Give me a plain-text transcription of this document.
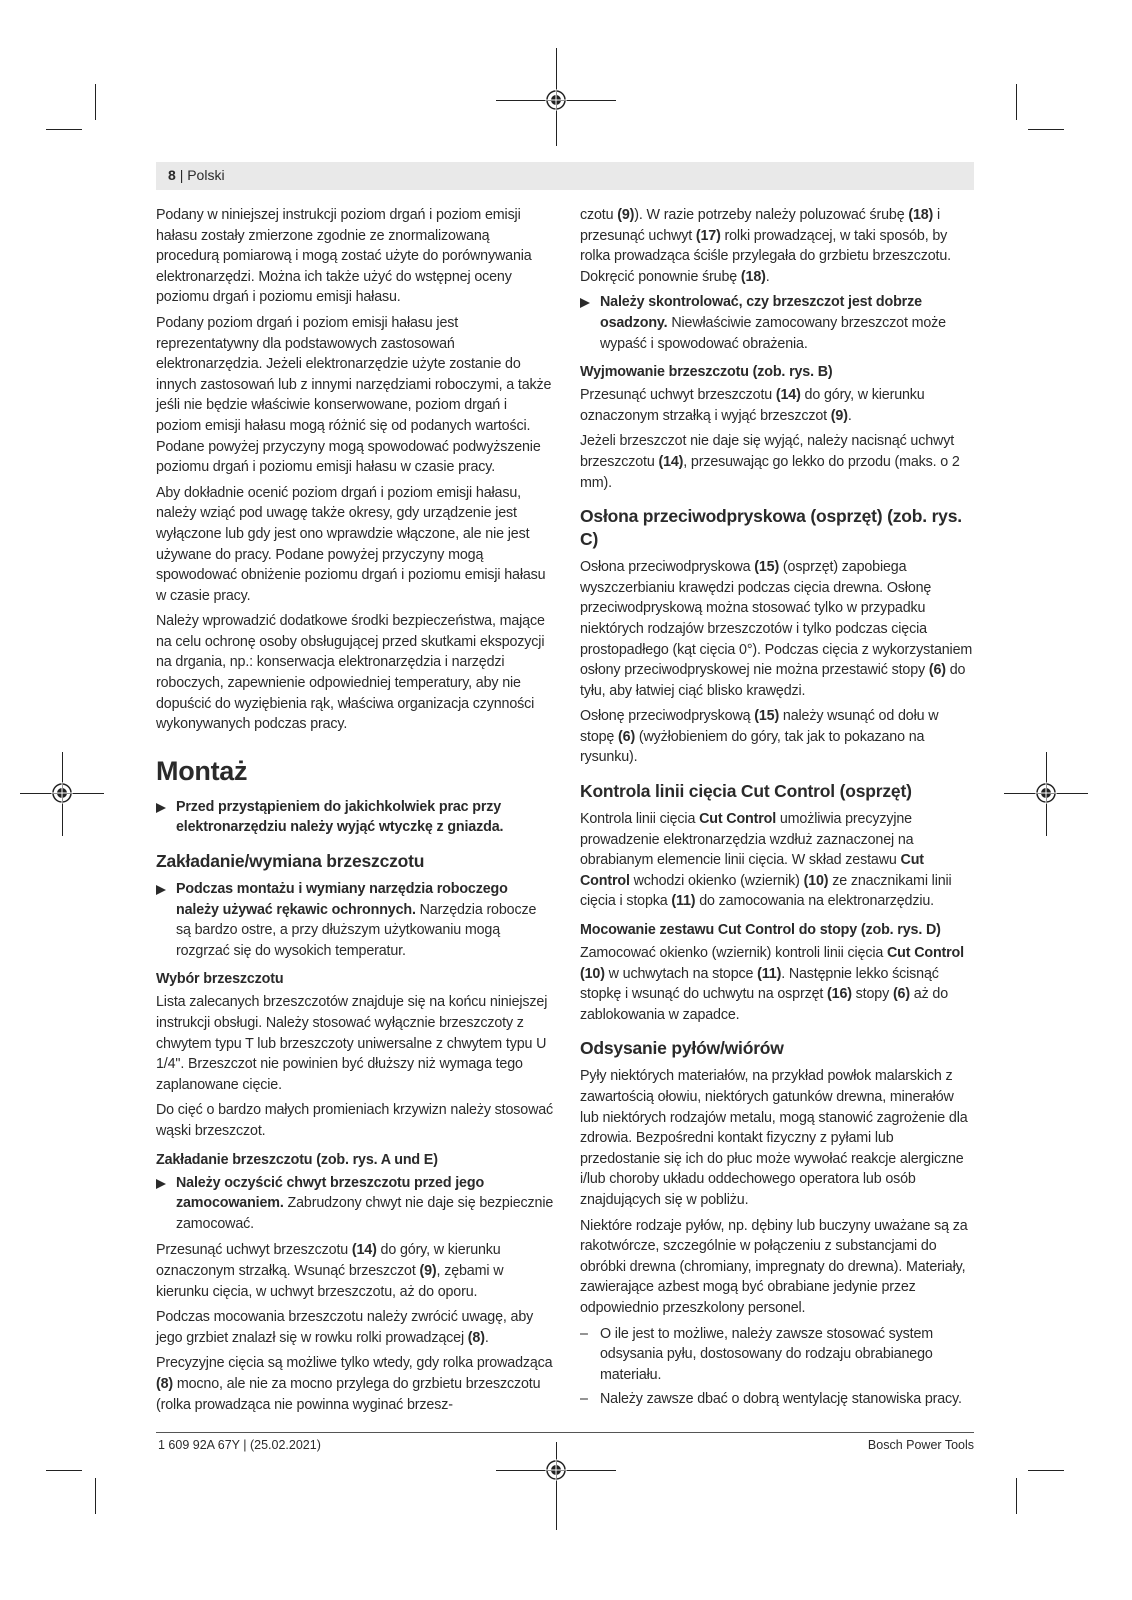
8 | Polski

Podany w niniejszej instrukcji poziom drgań i poziom emisji hałasu zostały zmierzone zgodnie ze znormalizowaną procedurą pomiarową i mogą zostać użyte do porównywania elektronarzędzi. Można ich także użyć do wstępnej oceny poziomu drgań i poziomu emisji hałasu.

Podany poziom drgań i poziom emisji hałasu jest reprezentatywny dla podstawowych zastosowań elektronarzędzia. Jeżeli elektronarzędzie użyte zostanie do innych zastosowań lub z innymi narzędziami roboczymi, a także jeśli nie będzie właściwie konserwowane, poziom drgań i poziom emisji hałasu mogą różnić się od podanych wartości. Podane powyżej przyczyny mogą spowodować podwyższenie poziomu drgań i poziomu emisji hałasu w czasie pracy.

Aby dokładnie ocenić poziom drgań i poziom emisji hałasu, należy wziąć pod uwagę także okresy, gdy urządzenie jest wyłączone lub gdy jest ono wprawdzie włączone, ale nie jest używane do pracy. Podane powyżej przyczyny mogą spowodować obniżenie poziomu drgań i poziomu emisji hałasu w czasie pracy.

Należy wprowadzić dodatkowe środki bezpieczeństwa, mające na celu ochronę osoby obsługującej przed skutkami ekspozycji na drgania, np.: konserwacja elektronarzędzia i narzędzi roboczych, zapewnienie odpowiedniej temperatury, aby nie dopuścić do wyziębienia rąk, właściwa organizacja czynności wykonywanych podczas pracy.

Montaż
Przed przystąpieniem do jakichkolwiek prac przy elektronarzędziu należy wyjąć wtyczkę z gniazda.
Zakładanie/wymiana brzeszczotu
Podczas montażu i wymiany narzędzia roboczego należy używać rękawic ochronnych. Narzędzia robocze są bardzo ostre, a przy dłuższym użytkowaniu mogą rozgrzać się do wysokich temperatur.
Wybór brzeszczotu

Lista zalecanych brzeszczotów znajduje się na końcu niniejszej instrukcji obsługi. Należy stosować wyłącznie brzeszczoty z chwytem typu T lub brzeszczoty uniwersalne z chwytem typu U 1/4". Brzeszczot nie powinien być dłuższy niż wymaga tego zaplanowane cięcie.

Do cięć o bardzo małych promieniach krzywizn należy stosować wąski brzeszczot.

Zakładanie brzeszczotu (zob. rys. A und E)
Należy oczyścić chwyt brzeszczotu przed jego zamocowaniem. Zabrudzony chwyt nie daje się bezpiecznie zamocować.

Przesunąć uchwyt brzeszczotu (14) do góry, w kierunku oznaczonym strzałką. Wsunąć brzeszczot (9), zębami w kierunku cięcia, w uchwyt brzeszczotu, aż do oporu.

Podczas mocowania brzeszczotu należy zwrócić uwagę, aby jego grzbiet znalazł się w rowku rolki prowadzącej (8).

Precyzyjne cięcia są możliwe tylko wtedy, gdy rolka prowadząca (8) mocno, ale nie za mocno przylega do grzbietu brzeszczotu (rolka prowadząca nie powinna wyginać brzesz-

czotu (9)). W razie potrzeby należy poluzować śrubę (18) i przesunąć uchwyt (17) rolki prowadzącej, w taki sposób, by rolka prowadząca ściśle przylegała do grzbietu brzeszczotu. Dokręcić ponownie śrubę (18).

Należy skontrolować, czy brzeszczot jest dobrze osadzony. Niewłaściwie zamocowany brzeszczot może wypaść i spowodować obrażenia.
Wyjmowanie brzeszczotu (zob. rys. B)

Przesunąć uchwyt brzeszczotu (14) do góry, w kierunku oznaczonym strzałką i wyjąć brzeszczot (9).

Jeżeli brzeszczot nie daje się wyjąć, należy nacisnąć uchwyt brzeszczotu (14), przesuwając go lekko do przodu (maks. o 2 mm).

Osłona przeciwodpryskowa (osprzęt) (zob. rys. C)

Osłona przeciwodpryskowa (15) (osprzęt) zapobiega wyszczerbianiu krawędzi podczas cięcia drewna. Osłonę przeciwodpryskową można stosować tylko w przypadku niektórych rodzajów brzeszczotów i tylko podczas cięcia prostopadłego (kąt cięcia 0°). Podczas cięcia z wykorzystaniem osłony przeciwodpryskowej nie można przestawić stopy (6) do tyłu, aby łatwiej ciąć blisko krawędzi.

Osłonę przeciwodpryskową (15) należy wsunąć od dołu w stopę (6) (wyżłobieniem do góry, tak jak to pokazano na rysunku).

Kontrola linii cięcia Cut Control (osprzęt)

Kontrola linii cięcia Cut Control umożliwia precyzyjne prowadzenie elektronarzędzia wzdłuż zaznaczonej na obrabianym elemencie linii cięcia. W skład zestawu Cut Control wchodzi okienko (wziernik) (10) ze znacznikami linii cięcia i stopka (11) do zamocowania na elektronarzędziu.

Mocowanie zestawu Cut Control do stopy (zob. rys. D)

Zamocować okienko (wziernik) kontroli linii cięcia Cut Control (10) w uchwytach na stopce (11). Następnie lekko ścisnąć stopkę i wsunąć do uchwytu na osprzęt (16) stopy (6) aż do zablokowania w zapadce.

Odsysanie pyłów/wiórów

Pyły niektórych materiałów, na przykład powłok malarskich z zawartością ołowiu, niektórych gatunków drewna, minerałów lub niektórych rodzajów metalu, mogą stanowić zagrożenie dla zdrowia. Bezpośredni kontakt fizyczny z pyłami lub przedostanie się ich do płuc może wywołać reakcje alergiczne i/lub choroby układu oddechowego operatora lub osób znajdujących się w pobliżu.

Niektóre rodzaje pyłów, np. dębiny lub buczyny uważane są za rakotwórcze, szczególnie w połączeniu z substancjami do obróbki drewna (chromiany, impregnaty do drewna). Materiały, zawierające azbest mogą być obrabiane jedynie przez odpowiednio przeszkolony personel.

– O ile jest to możliwe, należy zawsze stosować system odsysania pyłu, dostosowany do rodzaju obrabianego materiału.
– Należy zawsze dbać o dobrą wentylację stanowiska pracy.
1 609 92A 67Y | (25.02.2021)	Bosch Power Tools
